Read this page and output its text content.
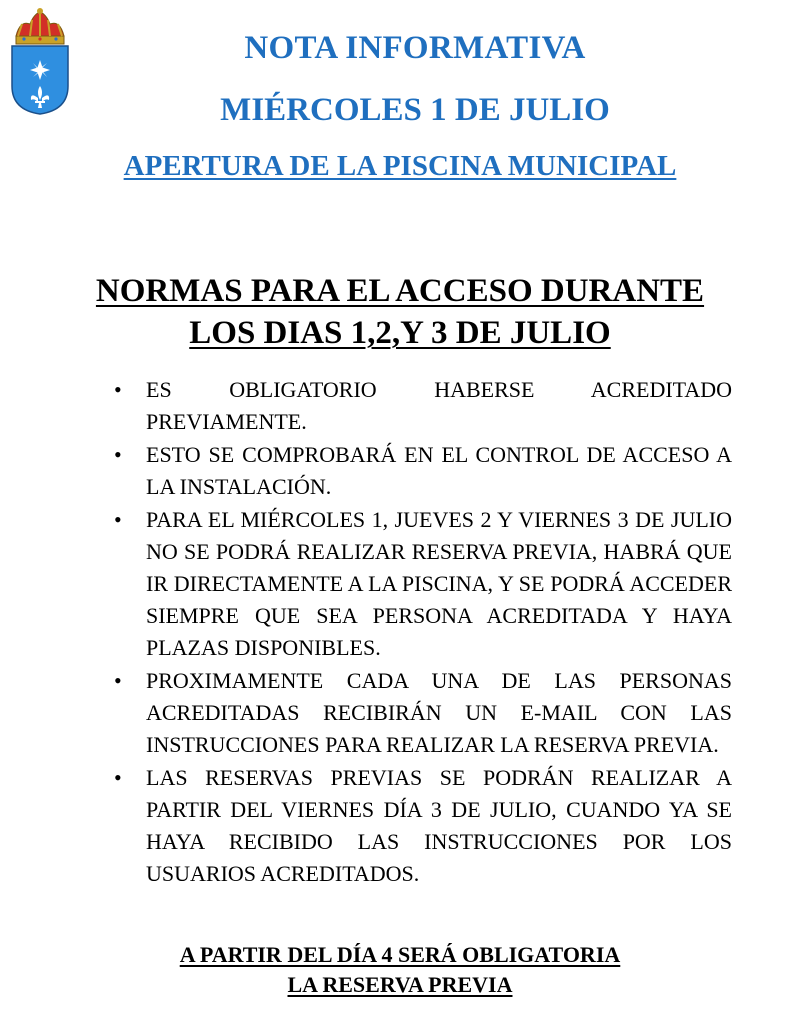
NOTA INFORMATIVA
MIÉRCOLES 1 DE JULIO
APERTURA DE LA PISCINA MUNICIPAL
NORMAS PARA EL ACCESO DURANTE
LOS DIAS 1,2,Y 3 DE JULIO
• ES OBLIGATORIO HABERSE ACREDITADO PREVIAMENTE.
• ESTO SE COMPROBARÁ EN EL CONTROL DE ACCESO A LA INSTALACIÓN.
• PARA EL MIÉRCOLES 1, JUEVES 2 Y VIERNES 3 DE JULIO NO SE PODRÁ REALIZAR RESERVA PREVIA, HABRÁ QUE IR DIRECTAMENTE A LA PISCINA, Y SE PODRÁ ACCEDER SIEMPRE QUE SEA PERSONA ACREDITADA Y HAYA PLAZAS DISPONIBLES.
• PROXIMAMENTE CADA UNA DE LAS PERSONAS ACREDITADAS RECIBIRÁN UN E-MAIL CON LAS INSTRUCCIONES PARA REALIZAR LA RESERVA PREVIA.
• LAS RESERVAS PREVIAS SE PODRÁN REALIZAR A PARTIR DEL VIERNES DÍA 3 DE JULIO, CUANDO YA SE HAYA RECIBIDO LAS INSTRUCCIONES POR LOS USUARIOS ACREDITADOS.
A PARTIR DEL DÍA 4 SERÁ OBLIGATORIA
LA RESERVA PREVIA
